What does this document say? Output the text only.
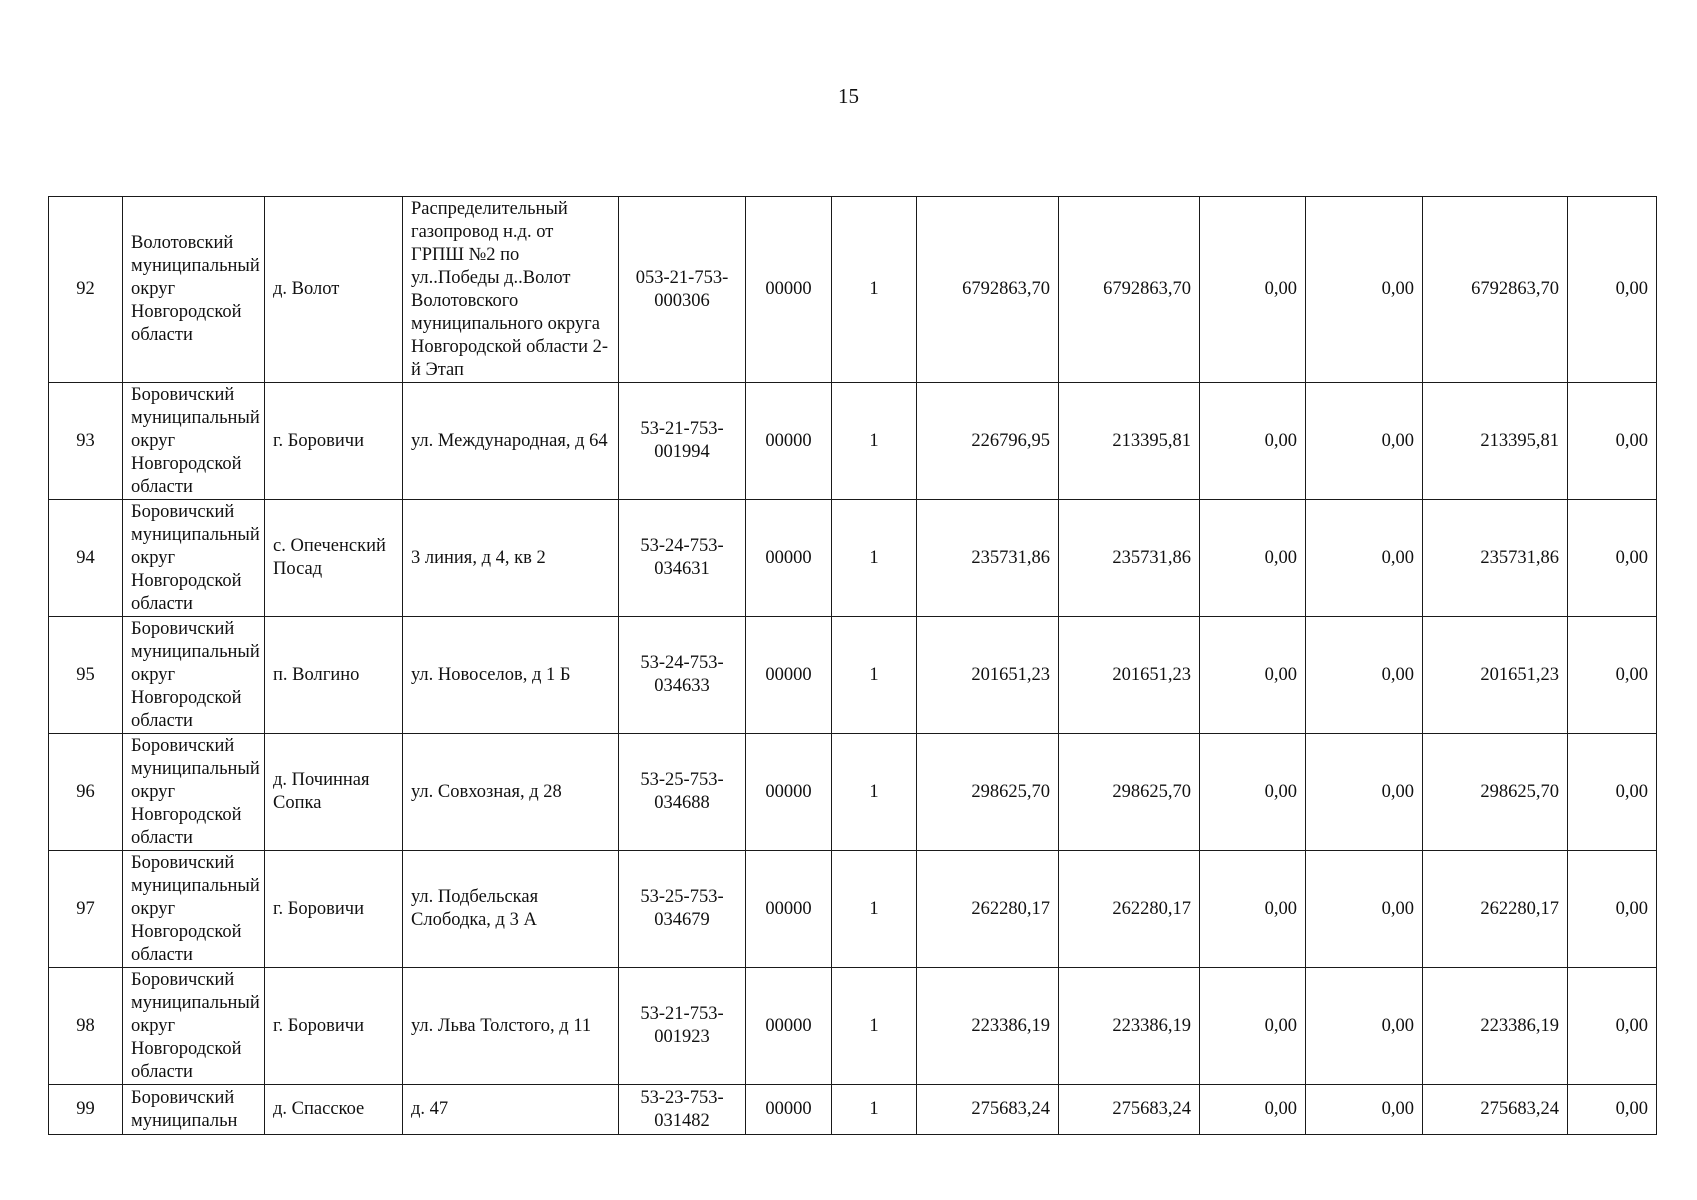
15
92	Волотовский муниципальный округ Новгородской области	д. Волот	Распределительный газопровод н.д. от ГРПШ №2 по ул..Победы д..Волот Волотовского муниципального округа Новгородской области 2-й Этап	053-21-753-000306	00000	1	6792863,70	6792863,70	0,00	0,00	6792863,70	0,00
93	Боровичский муниципальный округ Новгородской области	г. Боровичи	ул. Международная, д 64	53-21-753-001994	00000	1	226796,95	213395,81	0,00	0,00	213395,81	0,00
94	Боровичский муниципальный округ Новгородской области	с. Опеченский Посад	3 линия, д 4, кв 2	53-24-753-034631	00000	1	235731,86	235731,86	0,00	0,00	235731,86	0,00
95	Боровичский муниципальный округ Новгородской области	п. Волгино	ул. Новоселов, д 1 Б	53-24-753-034633	00000	1	201651,23	201651,23	0,00	0,00	201651,23	0,00
96	Боровичский муниципальный округ Новгородской области	д. Починная Сопка	ул. Совхозная, д 28	53-25-753-034688	00000	1	298625,70	298625,70	0,00	0,00	298625,70	0,00
97	Боровичский муниципальный округ Новгородской области	г. Боровичи	ул. Подбельская Слободка, д 3 А	53-25-753-034679	00000	1	262280,17	262280,17	0,00	0,00	262280,17	0,00
98	Боровичский муниципальный округ Новгородской области	г. Боровичи	ул. Льва Толстого, д 11	53-21-753-001923	00000	1	223386,19	223386,19	0,00	0,00	223386,19	0,00
99	Боровичский муниципальн	д. Спасское	д. 47	53-23-753-031482	00000	1	275683,24	275683,24	0,00	0,00	275683,24	0,00
